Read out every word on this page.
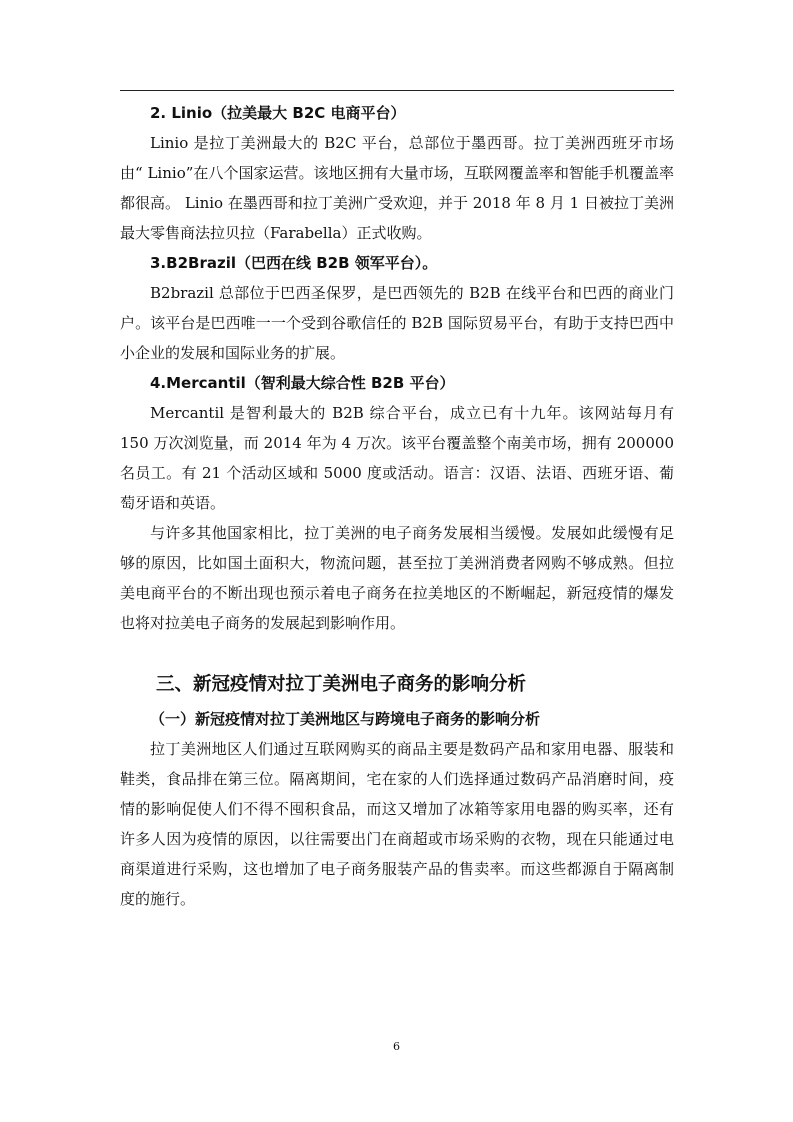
2. Linio（拉美最大 B2C 电商平台）

Linio 是拉丁美洲最大的 B2C 平台，总部位于墨西哥。拉丁美洲西班牙市场由“ Linio”在八个国家运营。该地区拥有大量市场，互联网覆盖率和智能手机覆盖率都很高。 Linio 在墨西哥和拉丁美洲广受欢迎，并于 2018 年 8 月 1 日被拉丁美洲最大零售商法拉贝拉（Farabella）正式收购。

3.B2Brazil（巴西在线 B2B 领军平台）。

B2brazil 总部位于巴西圣保罗，是巴西领先的 B2B 在线平台和巴西的商业门户。该平台是巴西唯一一个受到谷歌信任的 B2B 国际贸易平台，有助于支持巴西中小企业的发展和国际业务的扩展。

4.Mercantil（智利最大综合性 B2B 平台）

Mercantil 是智利最大的 B2B 综合平台，成立已有十九年。该网站每月有 150 万次浏览量，而 2014 年为 4 万次。该平台覆盖整个南美市场，拥有 200000 名员工。有 21 个活动区域和 5000 度或活动。语言：汉语、法语、西班牙语、葡萄牙语和英语。

与许多其他国家相比，拉丁美洲的电子商务发展相当缓慢。发展如此缓慢有足够的原因，比如国土面积大，物流问题，甚至拉丁美洲消费者网购不够成熟。但拉美电商平台的不断出现也预示着电子商务在拉美地区的不断崛起，新冠疫情的爆发也将对拉美电子商务的发展起到影响作用。

三、新冠疫情对拉丁美洲电子商务的影响分析
（一）新冠疫情对拉丁美洲地区与跨境电子商务的影响分析

拉丁美洲地区人们通过互联网购买的商品主要是数码产品和家用电器、服装和鞋类，食品排在第三位。隔离期间，宅在家的人们选择通过数码产品消磨时间，疫情的影响促使人们不得不囤积食品，而这又增加了冰箱等家用电器的购买率，还有许多人因为疫情的原因，以往需要出门在商超或市场采购的衣物，现在只能通过电商渠道进行采购，这也增加了电子商务服装产品的售卖率。而这些都源自于隔离制度的施行。

6
